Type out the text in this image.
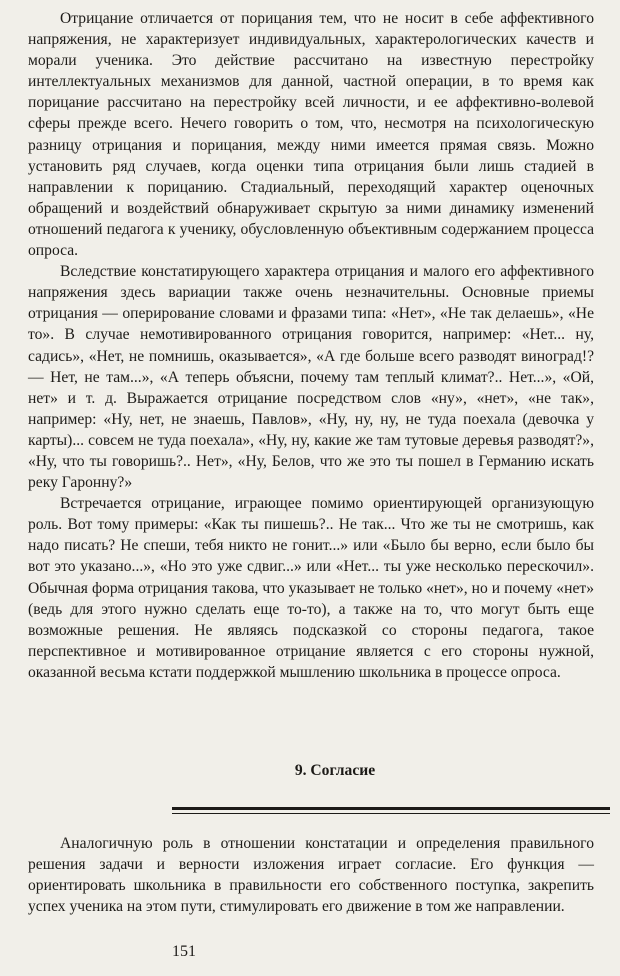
Отрицание отличается от порицания тем, что не носит в себе аффективного напряжения, не характеризует индивидуальных, характерологических качеств и морали ученика. Это действие рассчитано на известную перестройку интеллектуальных механизмов для данной, частной операции, в то время как порицание рассчитано на перестройку всей личности, и ее аффективно-волевой сферы прежде всего. Нечего говорить о том, что, несмотря на психологическую разницу отрицания и порицания, между ними имеется прямая связь. Можно установить ряд случаев, когда оценки типа отрицания были лишь стадией в направлении к порицанию. Стадиальный, переходящий характер оценочных обращений и воздействий обнаруживает скрытую за ними динамику изменений отношений педагога к ученику, обусловленную объективным содержанием процесса опроса.

Вследствие констатирующего характера отрицания и малого его аффективного напряжения здесь вариации также очень незначительны. Основные приемы отрицания — оперирование словами и фразами типа: «Нет», «Не так делаешь», «Не то». В случае немотивированного отрицания говорится, например: «Нет... ну, садись», «Нет, не помнишь, оказывается», «А где больше всего разводят виноград!? — Нет, не там...», «А теперь объясни, почему там теплый климат?.. Нет...», «Ой, нет» и т. д. Выражается отрицание посредством слов «ну», «нет», «не так», например: «Ну, нет, не знаешь, Павлов», «Ну, ну, ну, не туда поехала (девочка у карты)... совсем не туда поехала», «Ну, ну, какие же там тутовые деревья разводят?», «Ну, что ты говоришь?.. Нет», «Ну, Белов, что же это ты пошел в Германию искать реку Гаронну?»

Встречается отрицание, играющее помимо ориентирующей организующую роль. Вот тому примеры: «Как ты пишешь?.. Не так... Что же ты не смотришь, как надо писать? Не спеши, тебя никто не гонит...» или «Было бы верно, если было бы вот это указано...», «Но это уже сдвиг...» или «Нет... ты уже несколько перескочил». Обычная форма отрицания такова, что указывает не только «нет», но и почему «нет» (ведь для этого нужно сделать еще то-то), а также на то, что могут быть еще возможные решения. Не являясь подсказкой со стороны педагога, такое перспективное и мотивированное отрицание является с его стороны нужной, оказанной весьма кстати поддержкой мышлению школьника в процессе опроса.

9. Согласие

Аналогичную роль в отношении констатации и определения правильного решения задачи и верности изложения играет согласие. Его функция — ориентировать школьника в правильности его собственного поступка, закрепить успех ученика на этом пути, стимулировать его движение в том же направлении.

151
